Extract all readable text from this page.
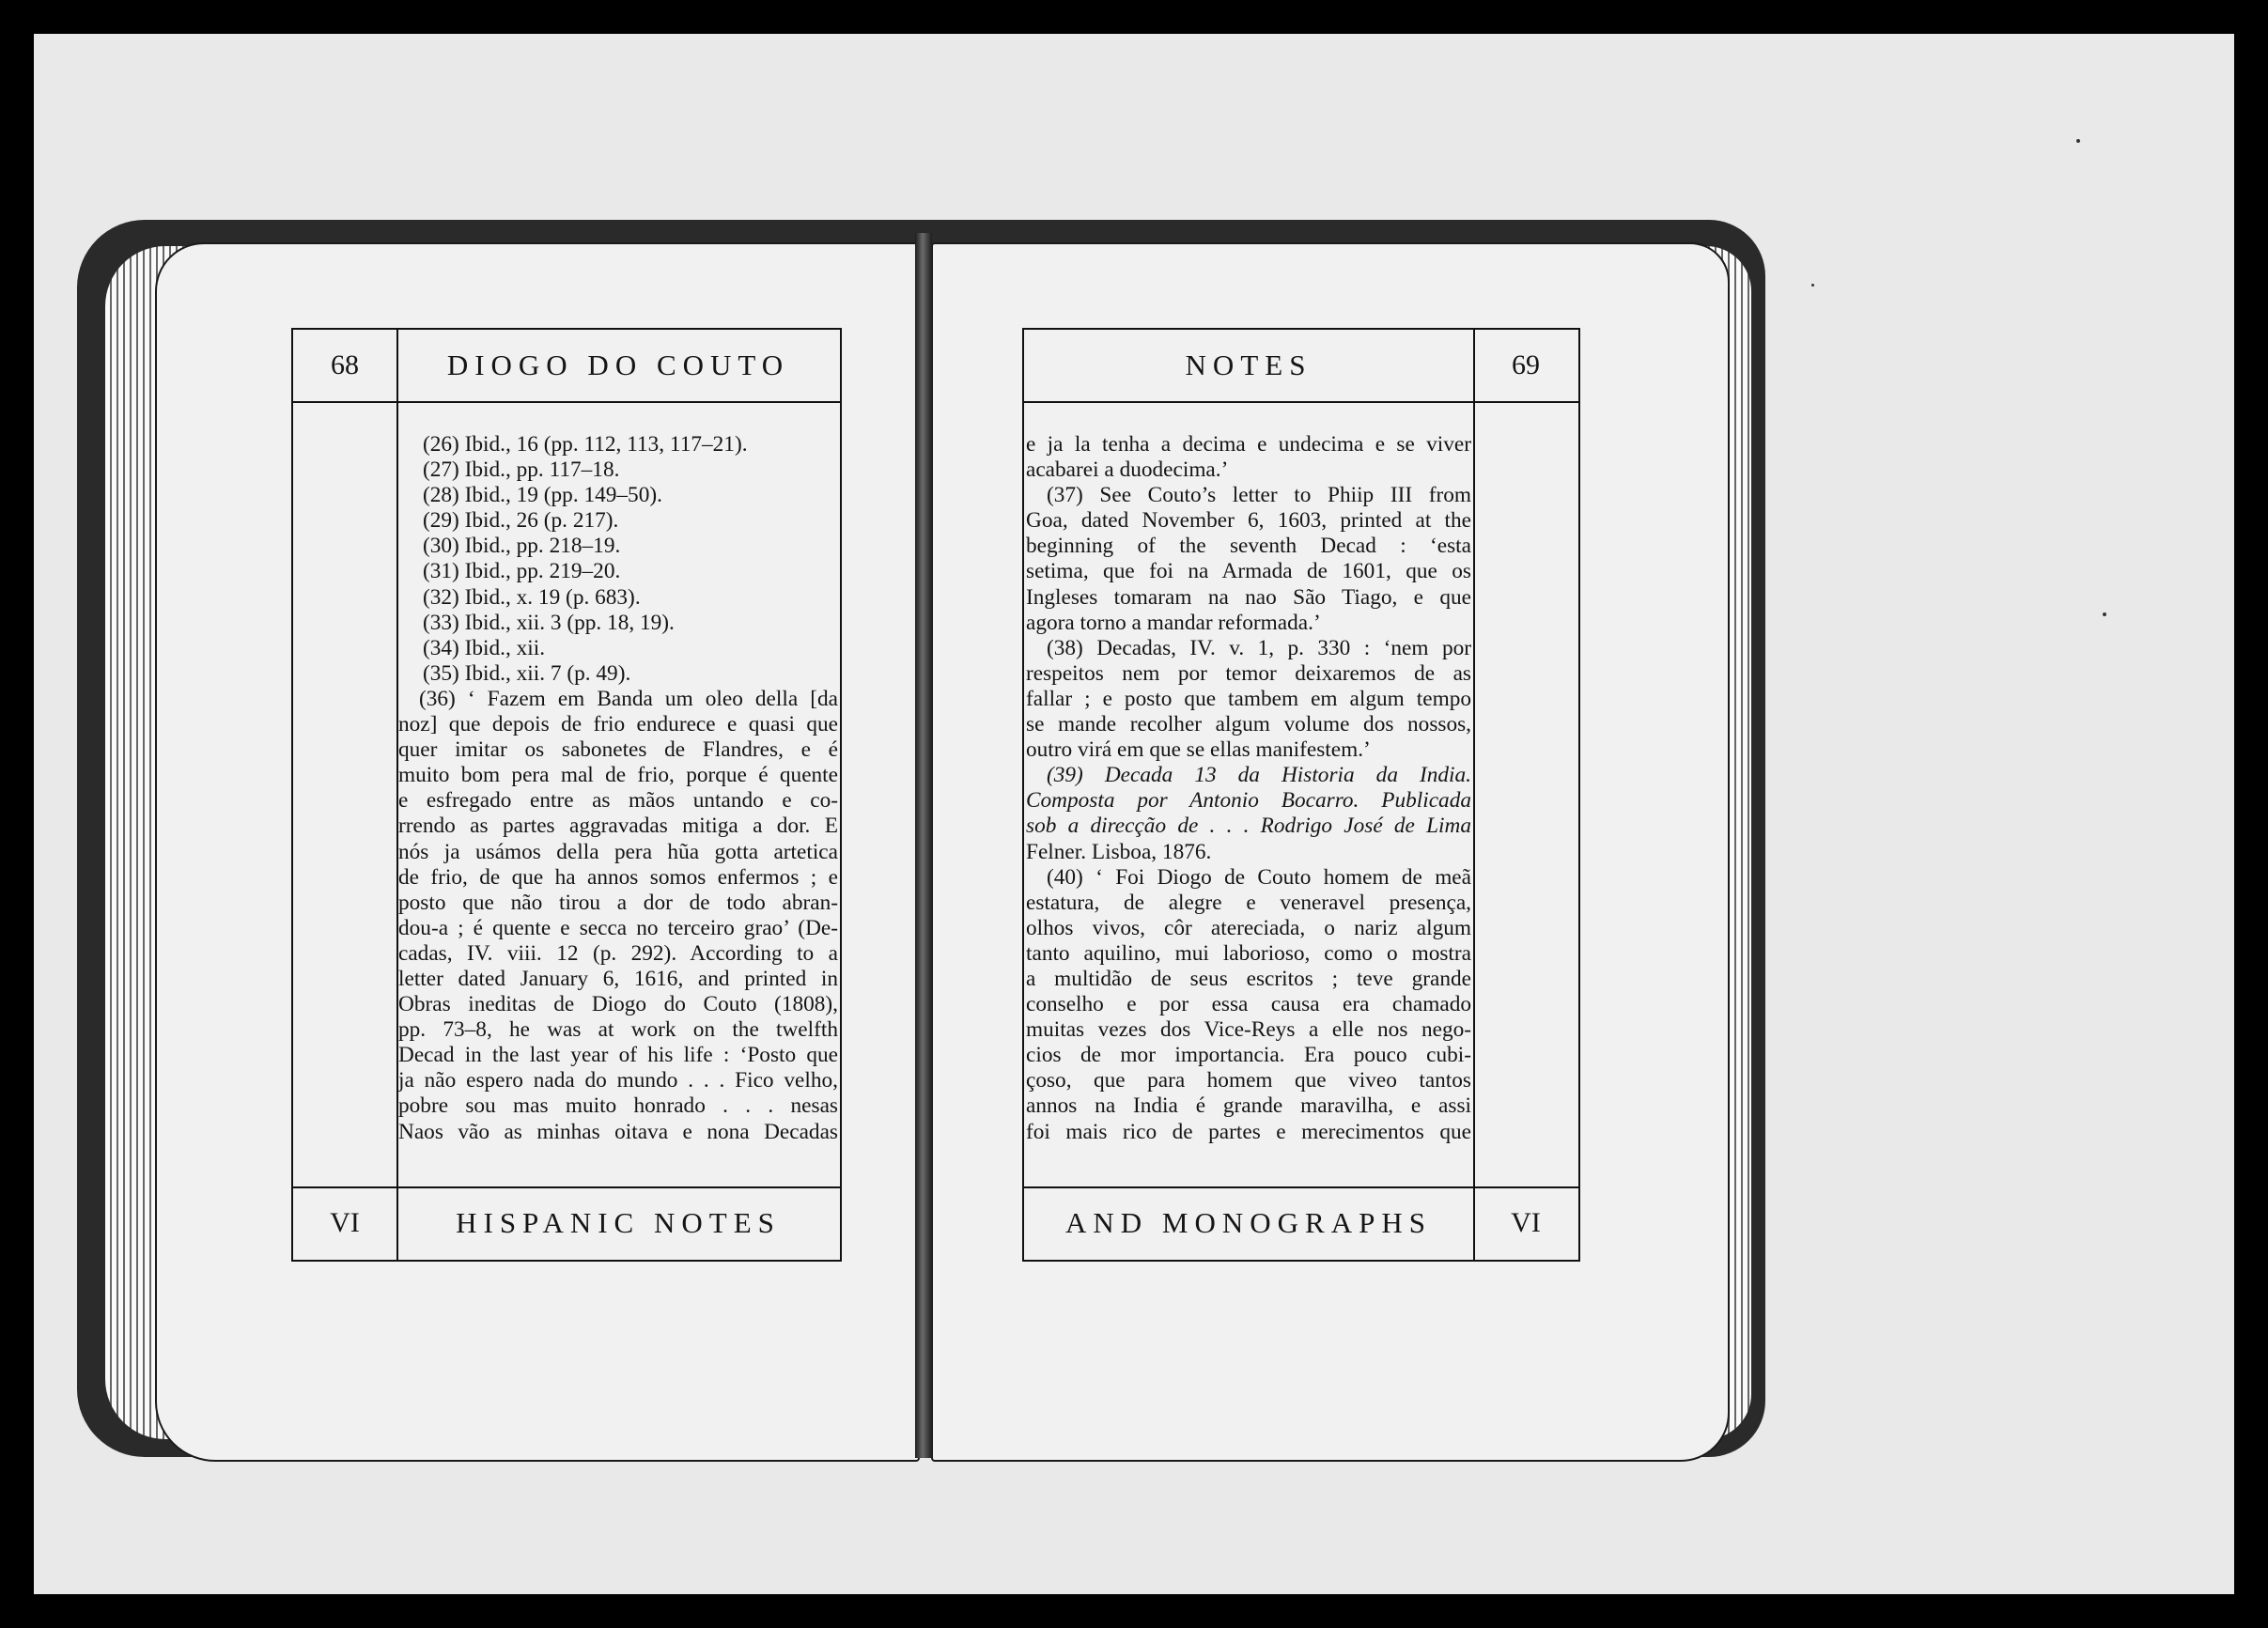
68	DIOGO DO COUTO
(26) Ibid., 16 (pp. 112, 113, 117–21).
(27) Ibid., pp. 117–18.
(28) Ibid., 19 (pp. 149–50).
(29) Ibid., 26 (p. 217).
(30) Ibid., pp. 218–19.
(31) Ibid., pp. 219–20.
(32) Ibid., x. 19 (p. 683).
(33) Ibid., xii. 3 (pp. 18, 19).
(34) Ibid., xii.
(35) Ibid., xii. 7 (p. 49).
(36) ‘ Fazem em Banda um oleo della [da
noz] que depois de frio endurece e quasi que
quer imitar os sabonetes de Flandres, e é
muito bom pera mal de frio, porque é quente
e esfregado entre as mãos untando e co-
rrendo as partes aggravadas mitiga a dor. E
nós ja usámos della pera hũa gotta artetica
de frio, de que ha annos somos enfermos ; e
posto que não tirou a dor de todo abran-
dou-a ; é quente e secca no terceiro grao’ (De-
cadas, IV. viii. 12 (p. 292). According to a
letter dated January 6, 1616, and printed in
Obras ineditas de Diogo do Couto (1808),
pp. 73–8, he was at work on the twelfth
Decad in the last year of his life : ‘Posto que
ja não espero nada do mundo . . . Fico velho,
pobre sou mas muito honrado . . . nesas
Naos vão as minhas oitava e nona Decadas
VI	HISPANIC NOTES
NOTES	69
e ja la tenha a decima e undecima e se viver
acabarei a duodecima.’
(37) See Couto’s letter to Phiip III from
Goa, dated November 6, 1603, printed at the
beginning of the seventh Decad : ‘esta
setima, que foi na Armada de 1601, que os
Ingleses tomaram na nao São Tiago, e que
agora torno a mandar reformada.’
(38) Decadas, IV. v. 1, p. 330 : ‘nem por
respeitos nem por temor deixaremos de as
fallar ; e posto que tambem em algum tempo
se mande recolher algum volume dos nossos,
outro virá em que se ellas manifestem.’
(39) Decada 13 da Historia da India.
Composta por Antonio Bocarro. Publicada
sob a direcção de . . . Rodrigo José de Lima
Felner. Lisboa, 1876.
(40) ‘ Foi Diogo de Couto homem de meã
estatura, de alegre e veneravel presença,
olhos vivos, côr atereciada, o nariz algum
tanto aquilino, mui laborioso, como o mostra
a multidão de seus escritos ; teve grande
conselho e por essa causa era chamado
muitas vezes dos Vice-Reys a elle nos nego-
cios de mor importancia. Era pouco cubi-
çoso, que para homem que viveo tantos
annos na India é grande maravilha, e assi
foi mais rico de partes e merecimentos que
AND MONOGRAPHS	VI
